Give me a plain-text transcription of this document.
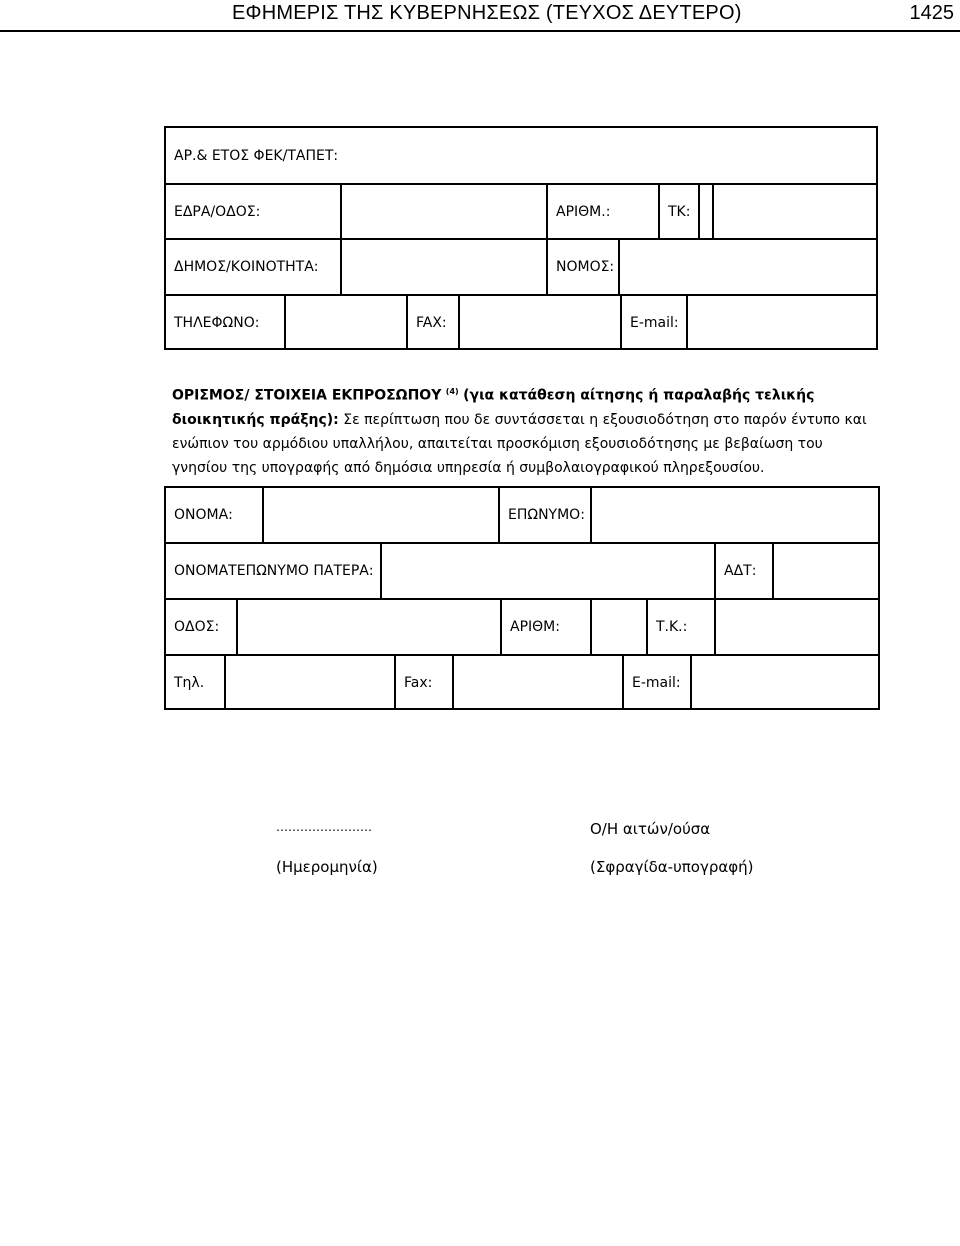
ΕΦΗΜΕΡΙΣ ΤΗΣ ΚΥΒΕΡΝΗΣΕΩΣ (ΤΕΥΧΟΣ ΔΕΥΤΕΡΟ)	1425
ΑΡ.& ΕΤΟΣ ΦΕΚ/ΤΑΠΕΤ:
ΕΔΡΑ/ΟΔΟΣ:	ΑΡΙΘΜ.:	ΤΚ:
ΔΗΜΟΣ/ΚΟΙΝΟΤΗΤΑ:	ΝΟΜΟΣ:
ΤΗΛΕΦΩΝΟ:	FAX:	E-mail:
ΟΡΙΣΜΟΣ/ ΣΤΟΙΧΕΙΑ ΕΚΠΡΟΣΩΠΟΥ $^{(4)}$ (για κατάθεση αίτησης ή παραλαβής τελικής διοικητικής πράξης): Σε περίπτωση που δε συντάσσεται η εξουσιοδότηση στο παρόν έντυπο και ενώπιον του αρμόδιου υπαλλήλου, απαιτείται προσκόμιση εξουσιοδότησης με βεβαίωση του γνησίου της υπογραφής από δημόσια υπηρεσία ή συμβολαιογραφικού πληρεξουσίου.
ΟΝΟΜΑ:	ΕΠΩΝΥΜΟ:
ΟΝΟΜΑΤΕΠΩΝΥΜΟ ΠΑΤΕΡΑ:	ΑΔΤ:
ΟΔΟΣ:	ΑΡΙΘΜ:	Τ.Κ.:
Τηλ.	Fax:	E-mail:
……………………
(Ημερομηνία)
Ο/Η αιτών/ούσα
(Σφραγίδα-υπογραφή)
